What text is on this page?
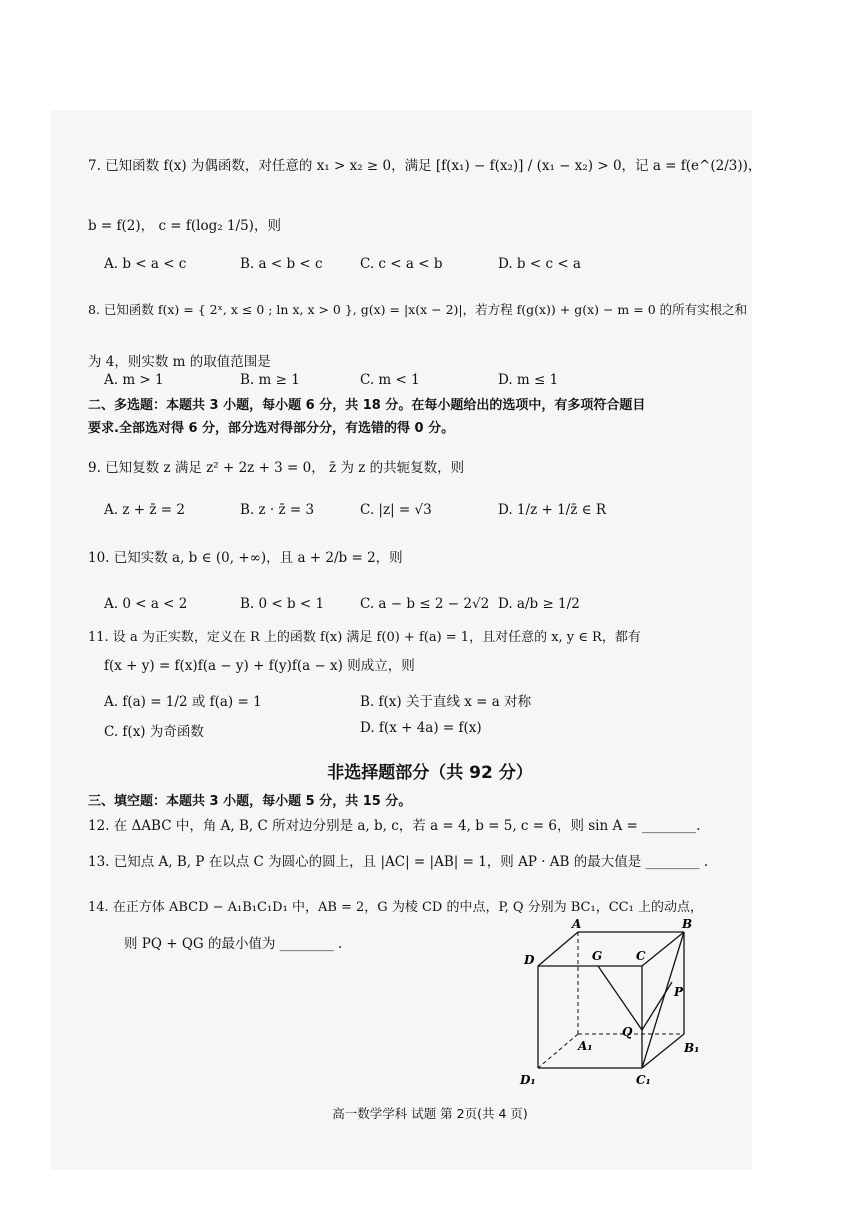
7. 已知函数 f(x) 为偶函数，对任意的 x₁ > x₂ ≥ 0，满足 [f(x₁) − f(x₂)] / (x₁ − x₂) > 0，记 a = f(e^(2/3))，
b = f(2)， c = f(log₂ 1/5)，则
A. b < a < c	B. a < b < c	C. c < a < b	D. b < c < a
8. 已知函数 f(x) = { 2ˣ, x ≤ 0 ; ln x, x > 0 }, g(x) = |x(x − 2)|，若方程 f(g(x)) + g(x) − m = 0 的所有实根之和
为 4，则实数 m 的取值范围是
A. m > 1	B. m ≥ 1	C. m < 1	D. m ≤ 1
二、多选题：本题共 3 小题，每小题 6 分，共 18 分。在每小题给出的选项中，有多项符合题目
要求.全部选对得 6 分，部分选对得部分分，有选错的得 0 分。
9. 已知复数 z 满足 z² + 2z + 3 = 0， z̄ 为 z 的共轭复数，则
A. z + z̄ = 2	B. z · z̄ = 3	C. |z| = √3	D. 1/z + 1/z̄ ∈ R
10. 已知实数 a, b ∈ (0, +∞)，且 a + 2/b = 2，则
A. 0 < a < 2	B. 0 < b < 1	C. a − b ≤ 2 − 2√2 D. a/b ≥ 1/2
11. 设 a 为正实数，定义在 R 上的函数 f(x) 满足 f(0) + f(a) = 1，且对任意的 x, y ∈ R，都有
f(x + y) = f(x)f(a − y) + f(y)f(a − x) 则成立，则
A. f(a) = 1/2 或 f(a) = 1	B. f(x) 关于直线 x = a 对称
C. f(x) 为奇函数	D. f(x + 4a) = f(x)
非选择题部分（共 92 分）
三、填空题：本题共 3 小题，每小题 5 分，共 15 分。
12. 在 ΔABC 中，角 A, B, C 所对边分别是 a, b, c，若 a = 4, b = 5, c = 6，则 sin A = ________.
13. 已知点 A, B, P 在以点 C 为圆心的圆上，且 |AC| = |AB| = 1，则 AP · AB 的最大值是 ________ .
14. 在正方体 ABCD − A₁B₁C₁D₁ 中，AB = 2，G 为棱 CD 的中点，P, Q 分别为 BC₁，CC₁ 上的动点，
则 PQ + QG 的最小值为 ________ .
A	B
C
D	G
P
Q
A₁	B₁
C₁
D₁
高一数学学科 试题 第 2页(共 4 页)
